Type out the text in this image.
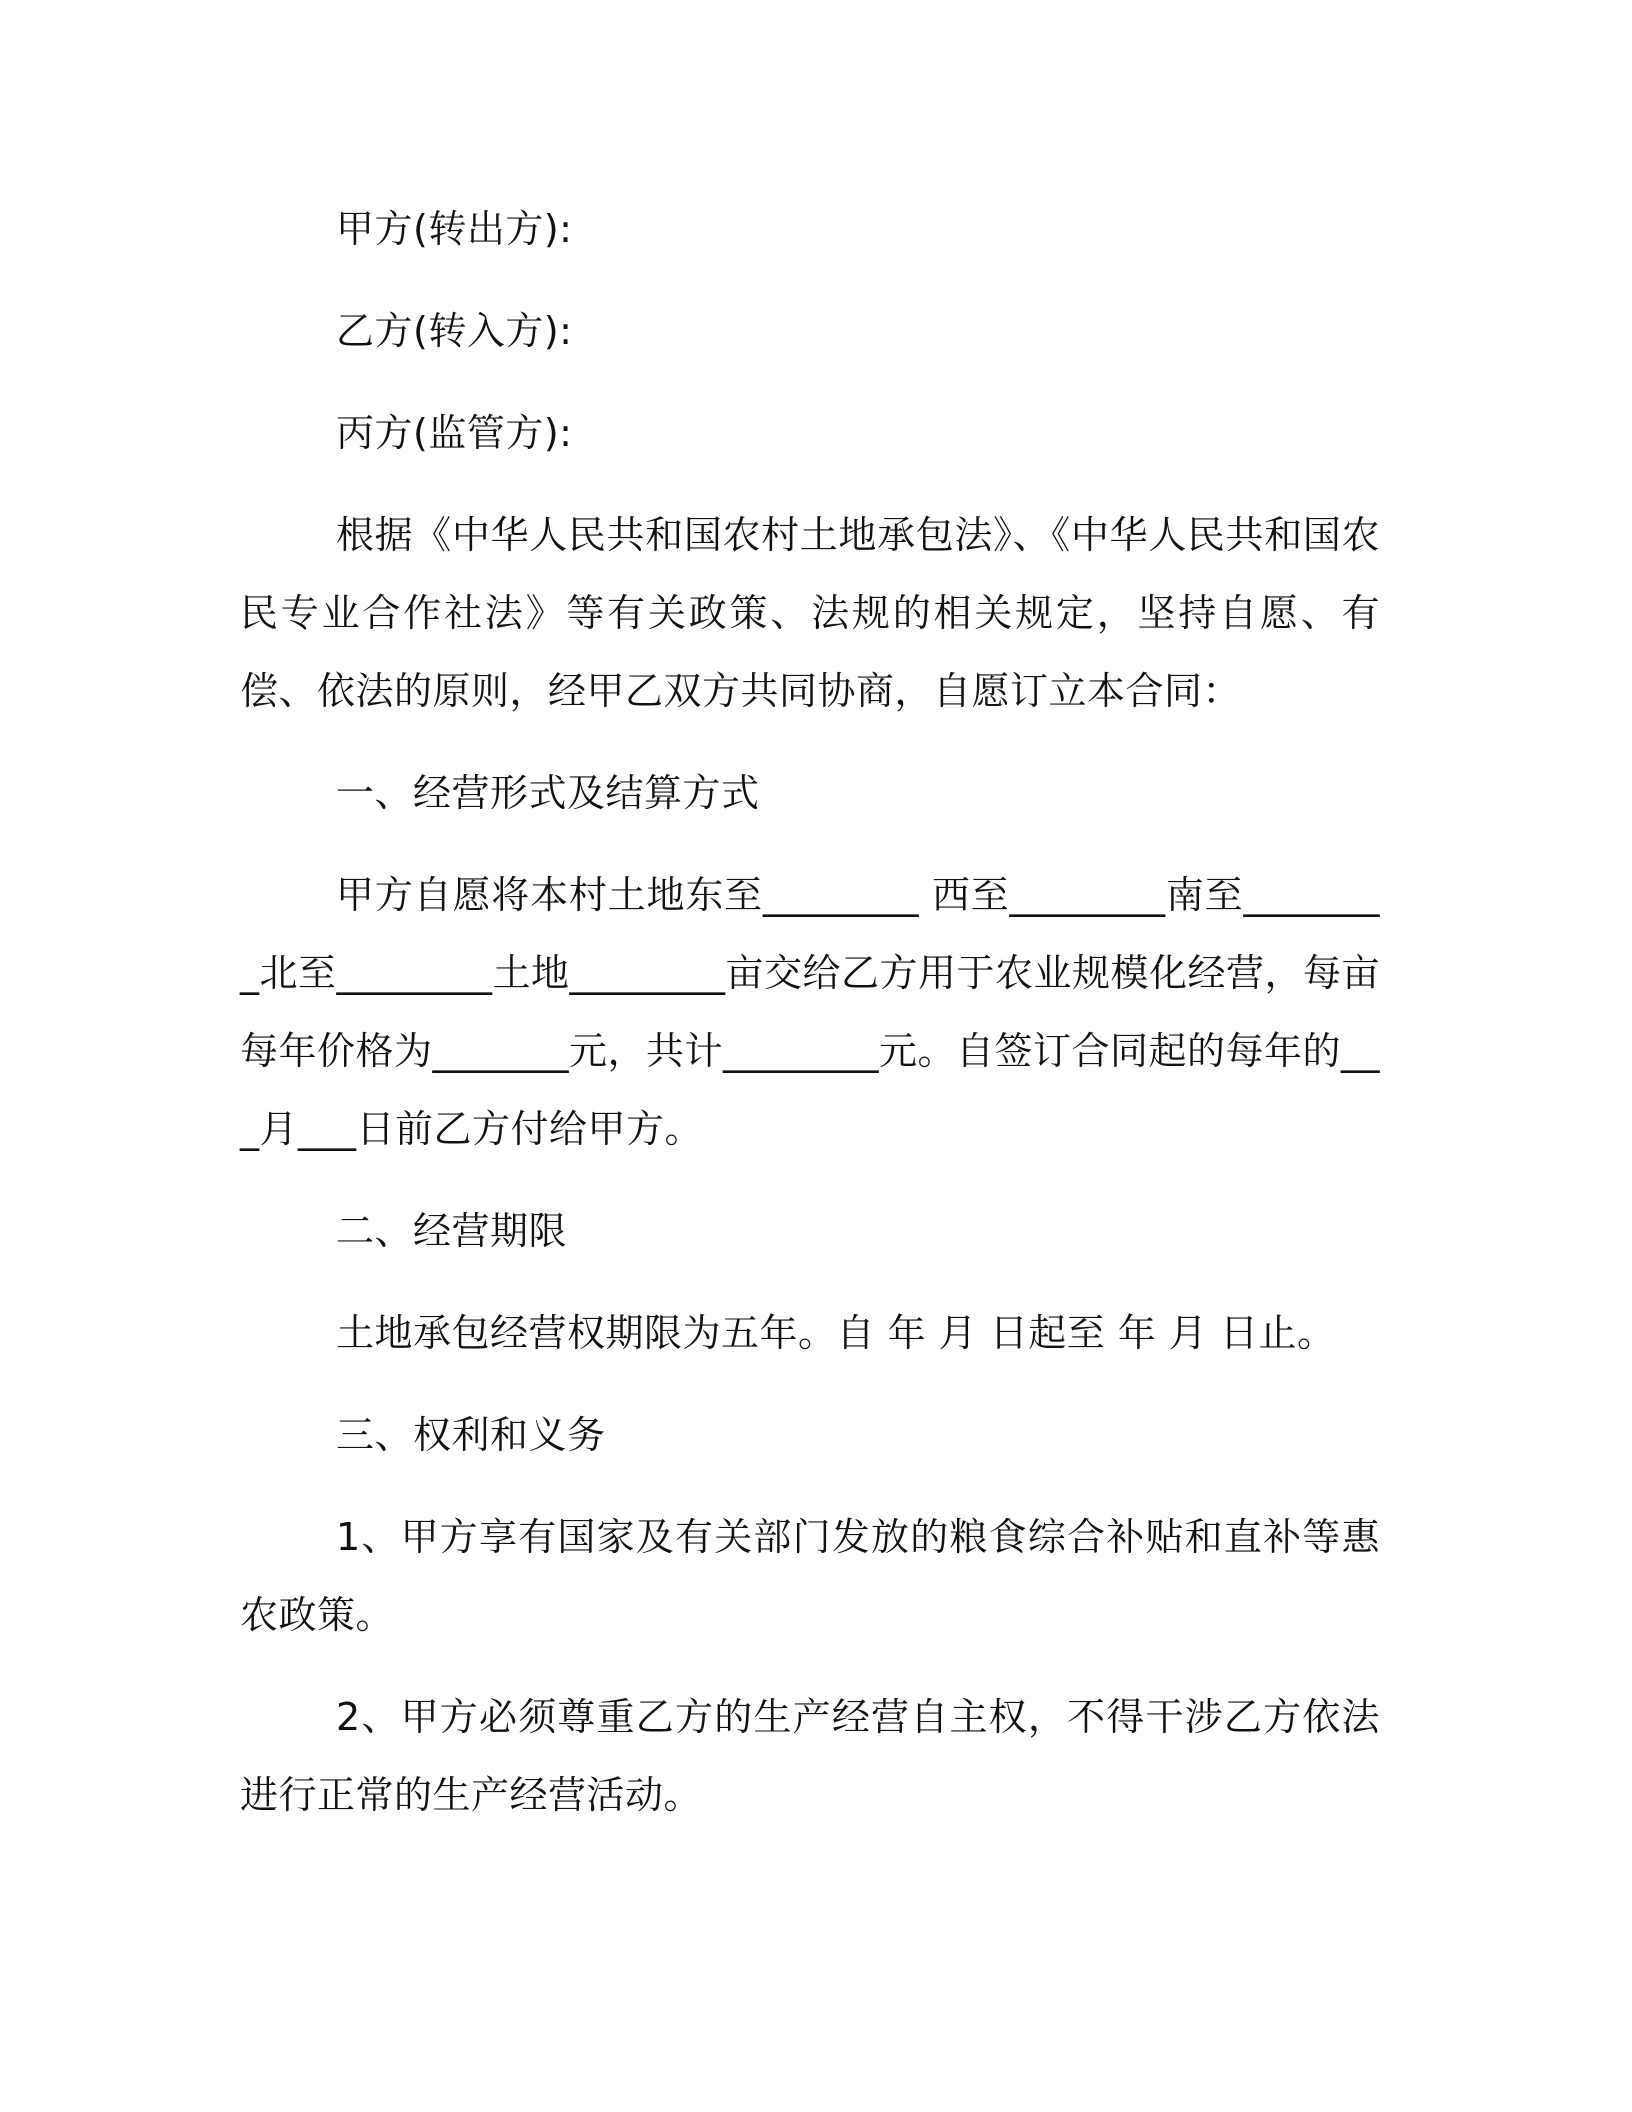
甲方(转出方):

乙方(转入方):

丙方(监管方):

根据《中华人民共和国农村土地承包法》、《中华人民共和国农民专业合作社法》等有关政策、法规的相关规定，坚持自愿、有偿、依法的原则，经甲乙双方共同协商，自愿订立本合同：

一、经营形式及结算方式

甲方自愿将本村土地东至________ 西至________南至________北至________土地________亩交给乙方用于农业规模化经营，每亩每年价格为_______元，共计________元。自签订合同起的每年的___月___日前乙方付给甲方。

二、经营期限

土地承包经营权期限为五年。自 年 月 日起至 年 月 日止。

三、权利和义务

1、甲方享有国家及有关部门发放的粮食综合补贴和直补等惠农政策。

2、甲方必须尊重乙方的生产经营自主权，不得干涉乙方依法进行正常的生产经营活动。
